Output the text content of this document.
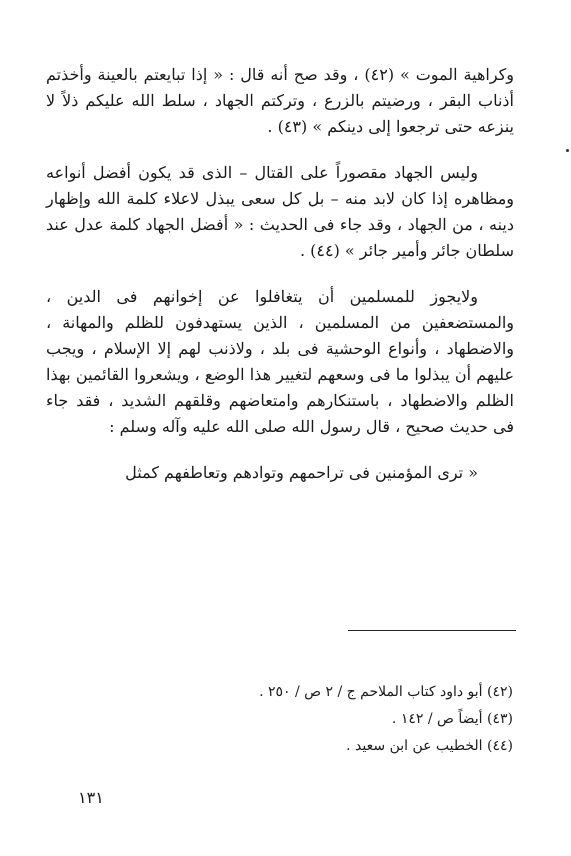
وكراهية الموت » (٤٢) ، وقد صح أنه قال : « إذا تبايعتم بالعينة وأخذتم أذناب البقر ، ورضيتم بالزرع ، وتركتم الجهاد ، سلط الله عليكم ذلاً لا ينزعه حتى ترجعوا إلى دينكم » (٤٣) .

وليس الجهاد مقصوراً على القتال – الذى قد يكون أفضل أنواعه ومظاهره إذا كان لابد منه – بل كل سعى يبذل لاعلاء كلمة الله وإظهار دينه ، من الجهاد ، وقد جاء فى الحديث : « أفضل الجهاد كلمة عدل عند سلطان جائر وأمير جائر » (٤٤) .

ولايجوز للمسلمين أن يتغافلوا عن إخوانهم فى الدين ، والمستضعفين من المسلمين ، الذين يستهدفون للظلم والمهانة ، والاضطهاد ، وأنواع الوحشية فى بلد ، ولاذنب لهم إلا الإسلام ، ويجب عليهم أن يبذلوا ما فى وسعهم لتغيير هذا الوضع ، ويشعروا القائمين بهذا الظلم والاضطهاد ، باستنكارهم وامتعاضهم وقلقهم الشديد ، فقد جاء فى حديث صحيح ، قال رسول الله صلى الله عليه وآله وسلم :

« ترى المؤمنين فى تراحمهم وتوادهم وتعاطفهم كمثل

(٤٢) أبو داود كتاب الملاحم ج / ٢ ص / ٢٥٠ .

(٤٣) أيضاً ص / ١٤٢ .

(٤٤) الخطيب عن ابن سعيد .

١٣١
